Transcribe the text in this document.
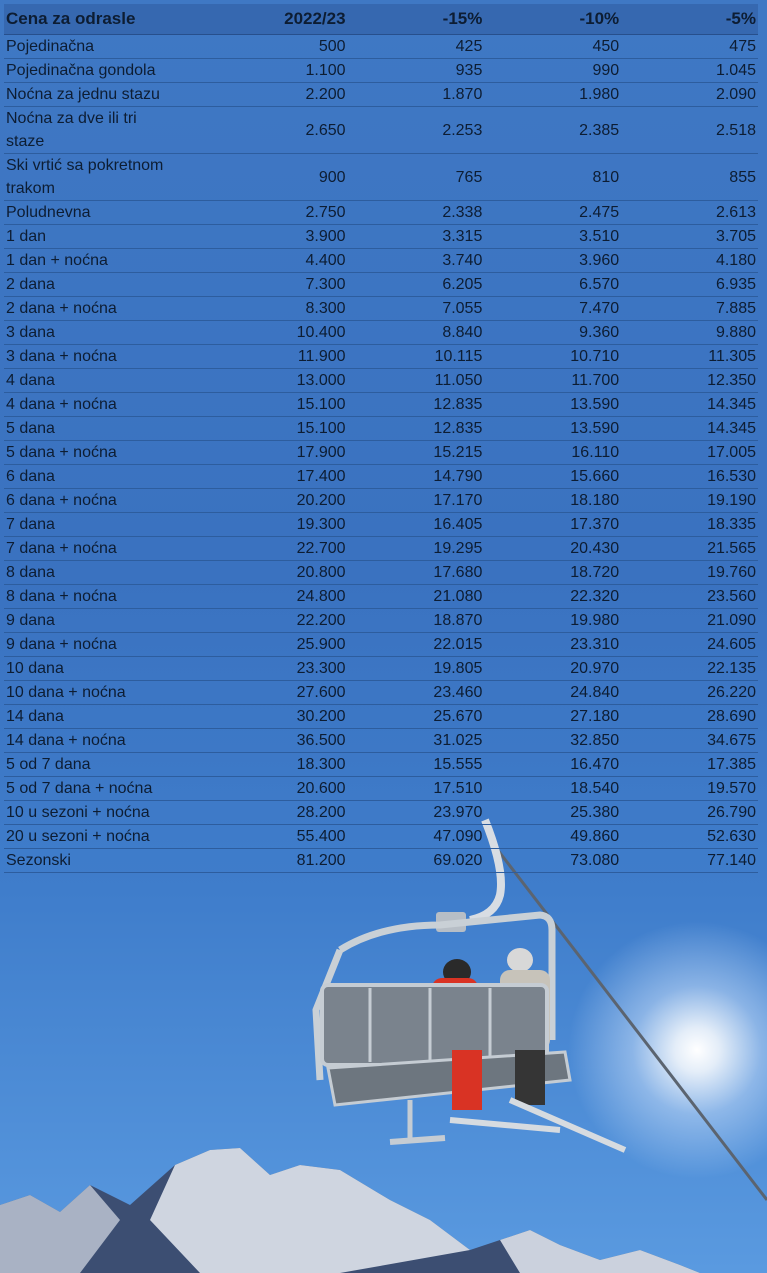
Cena za odrasle	2022/23	-15%	-10%	-5%
Pojedinačna	500	425	450	475
Pojedinačna gondola	1.100	935	990	1.045
Noćna za jednu stazu	2.200	1.870	1.980	2.090
Noćna za dve ili tri staze	2.650	2.253	2.385	2.518
Ski vrtić sa pokretnom trakom	900	765	810	855
Poludnevna	2.750	2.338	2.475	2.613
1 dan	3.900	3.315	3.510	3.705
1 dan + noćna	4.400	3.740	3.960	4.180
2 dana	7.300	6.205	6.570	6.935
2 dana + noćna	8.300	7.055	7.470	7.885
3 dana	10.400	8.840	9.360	9.880
3 dana + noćna	11.900	10.115	10.710	11.305
4 dana	13.000	11.050	11.700	12.350
4 dana + noćna	15.100	12.835	13.590	14.345
5 dana	15.100	12.835	13.590	14.345
5 dana + noćna	17.900	15.215	16.110	17.005
6 dana	17.400	14.790	15.660	16.530
6 dana + noćna	20.200	17.170	18.180	19.190
7 dana	19.300	16.405	17.370	18.335
7 dana + noćna	22.700	19.295	20.430	21.565
8 dana	20.800	17.680	18.720	19.760
8 dana + noćna	24.800	21.080	22.320	23.560
9 dana	22.200	18.870	19.980	21.090
9 dana + noćna	25.900	22.015	23.310	24.605
10 dana	23.300	19.805	20.970	22.135
10 dana + noćna	27.600	23.460	24.840	26.220
14 dana	30.200	25.670	27.180	28.690
14 dana + noćna	36.500	31.025	32.850	34.675
5 od 7 dana	18.300	15.555	16.470	17.385
5 od 7 dana + noćna	20.600	17.510	18.540	19.570
10 u sezoni + noćna	28.200	23.970	25.380	26.790
20 u sezoni + noćna	55.400	47.090	49.860	52.630
Sezonski	81.200	69.020	73.080	77.140
